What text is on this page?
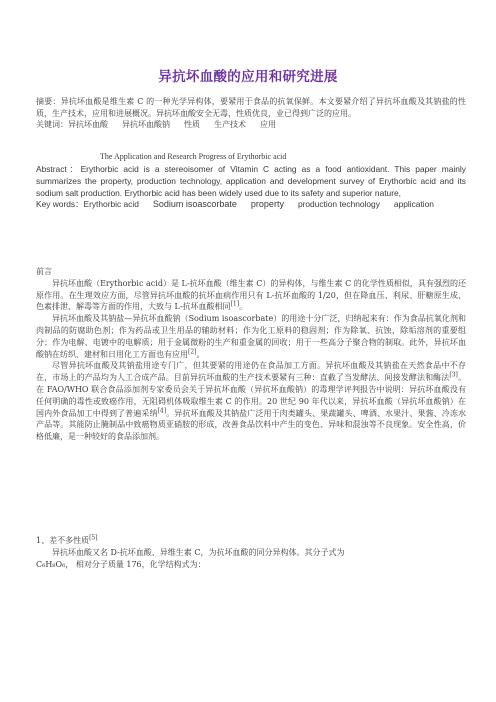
异抗坏血酸的应用和研究进展

摘要：异抗坏血酸是维生素 C 的一种光学异构体，要紧用于食品的抗氧保鲜。本文要紧介绍了异抗坏血酸及其钠盐的性质，生产技术，应用和进展概况。异抗坏血酸安全无毒，性质优良，业已得到广泛的应用。

关键词：异抗坏血酸 异抗坏血酸钠 性质 生产技术 应用

The Application and Research Progress of Erythorbic acid

Abstract：Erythorbic acid is a stereoisomer of Vitamin C acting as a food antioxidant. This paper mainly summarizes the property, production technology, application and development survey of Erythorbic acid and its sodium salt production. Erythorbic acid has been widely used due to its safety and superior nature,

Key words：Erythorbic acid Sodium isoascorbate property production technology application

前言

异抗坏血酸（Erythorbic acid）是 L-抗坏血酸（维生素 C）的异构体，与维生素 C 的化学性质相似，具有强烈的还原作用。在生理效应方面，尽管异抗坏血酸的抗坏血病作用只有 L-抗坏血酸的 1/20，但在降血压、利尿、肝糖原生成、色素排泄、解毒等方面的作用，大致与 L-抗坏血酸相同[1]。

异抗坏血酸及其钠盐—异抗坏血酸钠（Sodium isoascorbate）的用途十分广泛，归纳起来有：作为食品抗氧化剂和肉制品的防腐助色剂；作为药品或卫生用品的辅助材料；作为化工原料的稳固剂；作为除氧、抗蚀、除垢溶剂的重要组分；作为电解、电镀中的电解质；用于金属微粉的生产和重金属的回收；用于一些高分子聚合物的制取。此外，异抗坏血酸钠在纺织、建材和日用化工方面也有应用[2]。

尽管异抗坏血酸及其钠盐用途专门广，但其要紧的用途仍在食品加工方面。异抗坏血酸及其钠盐在天然食品中不存在，市场上的产品均为人工合成产品。目前异抗坏血酸的生产技术要紧有三种：直截了当发酵法、间接发酵法和酶法[3]。在 FAO/WHO 联合食品添加剂专家委员会关于异抗坏血酸（异抗坏血酸钠）的毒理学评判报告中说明：异抗坏血酸没有任何明确的毒性或致癌作用，无阻碍机体吸取维生素 C 的作用。20 世纪 90 年代以来，异抗坏血酸（异抗坏血酸钠）在国内外食品加工中得到了普遍采纳[4]。异抗坏血酸及其钠盐广泛用于肉类罐头、果蔬罐头、啤酒、水果汁、果酱、冷冻水产品等。其能防止腌制品中致癌物质亚硝胺的形成，改善食品饮料中产生的变色、异味和混浊等不良现象。安全性高，价格低廉，是一种较好的食品添加剂。

1、差不多性质[5]

异抗坏血酸又名 D-抗坏血酸、异维生素 C，为抗坏血酸的同分异构体。其分子式为

C₆H₈O₆， 相对分子质量 176，化学结构式为：
